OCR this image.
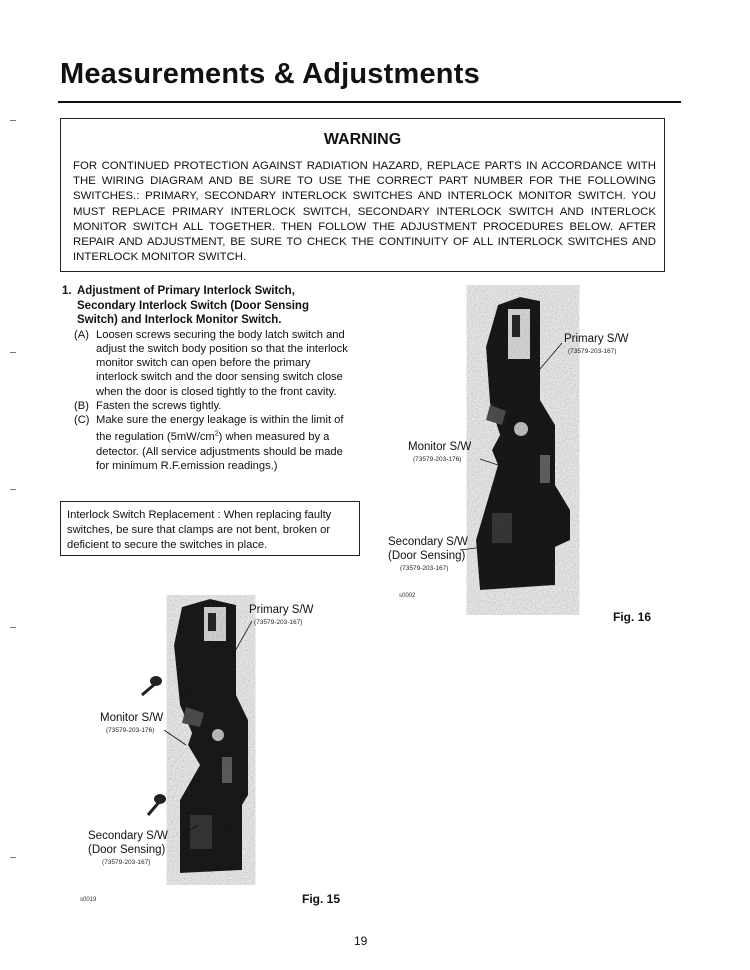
Measurements & Adjustments
WARNING
FOR CONTINUED PROTECTION AGAINST RADIATION HAZARD, REPLACE PARTS IN ACCORDANCE WITH THE WIRING DIAGRAM AND BE SURE TO USE THE CORRECT PART NUMBER FOR THE FOLLOWING SWITCHES.: PRIMARY, SECONDARY INTERLOCK SWITCHES AND INTERLOCK MONITOR SWITCH. YOU MUST REPLACE PRIMARY INTERLOCK SWITCH, SECONDARY INTERLOCK SWITCH AND INTERLOCK MONITOR SWITCH ALL TOGETHER. THEN FOLLOW THE ADJUSTMENT PROCEDURES BELOW. AFTER REPAIR AND ADJUSTMENT, BE SURE TO CHECK THE CONTINUITY OF ALL INTERLOCK SWITCHES AND INTERLOCK MONITOR SWITCH.
1. Adjustment of Primary Interlock Switch,
Secondary Interlock Switch (Door Sensing
Switch) and Interlock Monitor Switch.
(A) Loosen screws securing the body latch switch and adjust the switch body position so that the interlock monitor switch can open before the primary interlock switch and the door sensing switch close when the door is closed tightly to the front cavity.
(B) Fasten the screws tightly.
(C) Make sure the energy leakage is within the limit of the regulation $(5mW/cm^2)$ when measured by a detector. (All service adjustments should be made for minimum R.F.emission readings.)
Interlock Switch Replacement : When replacing faulty switches, be sure that clamps are not bent, broken or deficient to secure the switches in place.
Primary S/W
(73579-203-167)
Monitor S/W
(73579-203-176)
Secondary S/W
(Door Sensing)
(73579-203-167)
s0002
Fig. 16
Primary S/W
(73579-203-167)
Monitor S/W
(73579-203-176)
Secondary S/W
(Door Sensing)
(73579-203-167)
s0019	Fig. 15
19
